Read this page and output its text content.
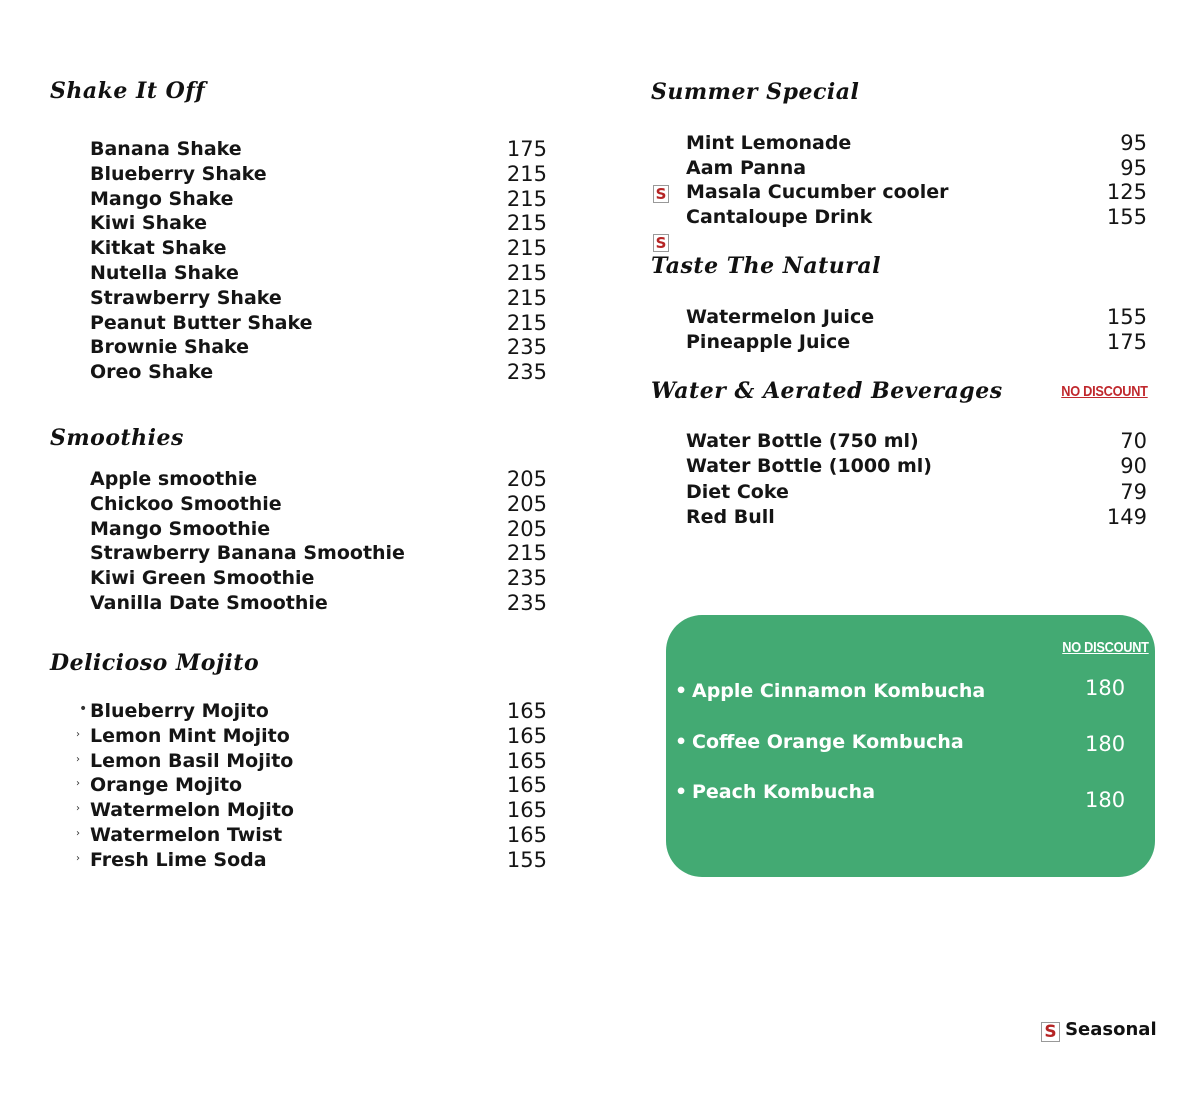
Shake It Off
Banana Shake	175
Blueberry Shake	215
Mango Shake	215
Kiwi Shake	215
Kitkat Shake	215
Nutella Shake	215
Strawberry Shake	215
Peanut Butter Shake	215
Brownie Shake	235
Oreo Shake	235
Smoothies
Apple smoothie	205
Chickoo Smoothie	205
Mango Smoothie	205
Strawberry Banana Smoothie	215
Kiwi Green Smoothie	235
Vanilla Date Smoothie	235
Delicioso Mojito
• Blueberry Mojito	165
› Lemon Mint Mojito	165
› Lemon Basil Mojito	165
› Orange Mojito	165
› Watermelon Mojito	165
› Watermelon Twist	165
› Fresh Lime Soda	155
Summer Special
Mint Lemonade	95
S
Aam Panna	95
Masala Cucumber cooler	125
S
Cantaloupe Drink	155
Taste The Natural
Watermelon Juice	155
Pineapple Juice	175
Water & Aerated Beverages	NO DISCOUNT
Water Bottle (750 ml)	70
Water Bottle (1000 ml)	90
Diet Coke	79
Red Bull	149
NO DISCOUNT
• Apple Cinnamon Kombucha	180
• Coffee Orange Kombucha	180
• Peach Kombucha	180
S Seasonal
